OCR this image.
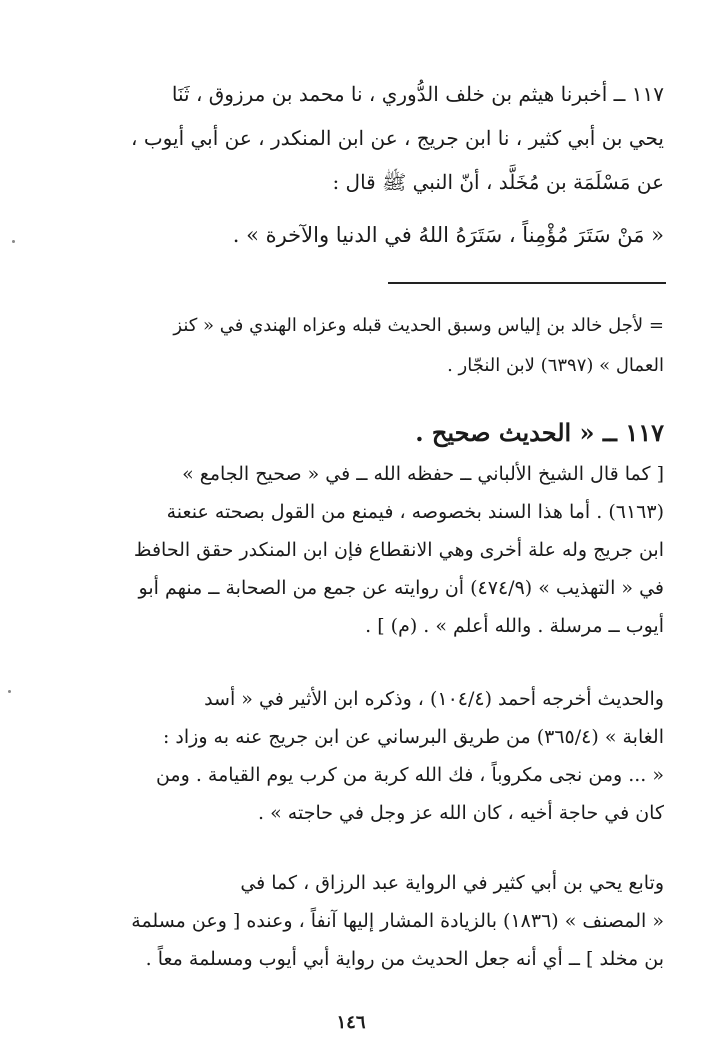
١١٧ ــ أخبرنا هيثم بن خلف الدُّوري ، نا محمد بن مرزوق ، ثَنَا
يحي بن أبي كثير ، نا ابن جريج ، عن ابن المنكدر ، عن أبي أيوب ،
عن مَسْلَمَة بن مُخَلَّد ، أنّ النبي ﷺ قال :
« مَنْ سَتَرَ مُؤْمِناً ، سَتَرَهُ اللهُ في الدنيا والآخرة » .
= لأجل خالد بن إلياس وسبق الحديث قبله وعزاه الهندي في « كنز
العمال » (٦٣٩٧) لابن النجّار .
١١٧ ــ « الحديث صحيح .
[ كما قال الشيخ الألباني ــ حفظه الله ــ في « صحيح الجامع »
(٦١٦٣) . أما هذا السند بخصوصه ، فيمنع من القول بصحته عنعنة
ابن جريج وله علة أخرى وهي الانقطاع فإن ابن المنكدر حقق الحافظ
في « التهذيب » (٤٧٤/٩) أن روايته عن جمع من الصحابة ــ منهم أبو
أيوب ــ مرسلة . والله أعلم » . (م) ] .
والحديث أخرجه أحمد (١٠٤/٤) ، وذكره ابن الأثير في « أسد
الغابة » (٣٦٥/٤) من طريق البرساني عن ابن جريج عنه به وزاد :
« ... ومن نجى مكروباً ، فك الله كربة من كرب يوم القيامة . ومن
كان في حاجة أخيه ، كان الله عز وجل في حاجته » .
وتابع يحي بن أبي كثير في الرواية عبد الرزاق ، كما في
« المصنف » (١٨٣٦) بالزيادة المشار إليها آنفاً ، وعنده [ وعن مسلمة
بن مخلد ] ــ أي أنه جعل الحديث من رواية أبي أيوب ومسلمة معاً .
١٤٦
